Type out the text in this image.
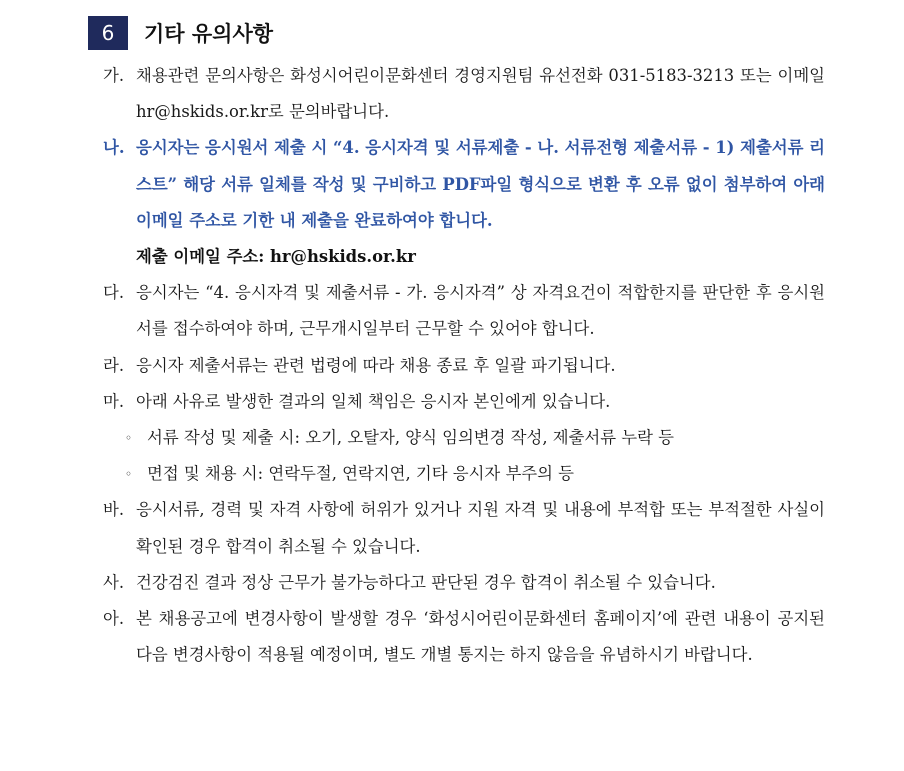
6	기타 유의사항
가. 채용관련 문의사항은 화성시어린이문화센터 경영지원팀 유선전화 031-5183-3213 또는 이메일 hr@hskids.or.kr로 문의바랍니다.
나. 응시자는 응시원서 제출 시 “4. 응시자격 및 서류제출 - 나. 서류전형 제출서류 - 1) 제출서류 리스트” 해당 서류 일체를 작성 및 구비하고 PDF파일 형식으로 변환 후 오류 없이 첨부하여 아래 이메일 주소로 기한 내 제출을 완료하여야 합니다.
제출 이메일 주소: hr@hskids.or.kr
다. 응시자는 “4. 응시자격 및 제출서류 - 가. 응시자격” 상 자격요건이 적합한지를 판단한 후 응시원서를 접수하여야 하며, 근무개시일부터 근무할 수 있어야 합니다.
라. 응시자 제출서류는 관련 법령에 따라 채용 종료 후 일괄 파기됩니다.
마. 아래 사유로 발생한 결과의 일체 책임은 응시자 본인에게 있습니다.
◦ 서류 작성 및 제출 시: 오기, 오탈자, 양식 임의변경 작성, 제출서류 누락 등
◦ 면접 및 채용 시: 연락두절, 연락지연, 기타 응시자 부주의 등
바. 응시서류, 경력 및 자격 사항에 허위가 있거나 지원 자격 및 내용에 부적합 또는 부적절한 사실이 확인된 경우 합격이 취소될 수 있습니다.
사. 건강검진 결과 정상 근무가 불가능하다고 판단된 경우 합격이 취소될 수 있습니다.
아. 본 채용공고에 변경사항이 발생할 경우 ‘화성시어린이문화센터 홈페이지’에 관련 내용이 공지된 다음 변경사항이 적용될 예정이며, 별도 개별 통지는 하지 않음을 유념하시기 바랍니다.
